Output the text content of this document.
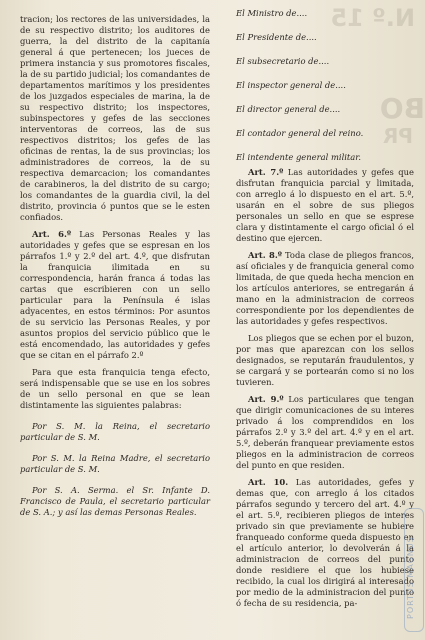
N.º 15
BO
PR

tracion; los rectores de las universidades, la de su respectivo distrito; los auditores de guerra, la del distrito de la capitanía general á que pertenecen; los jueces de primera instancia y sus promotores fiscales, la de su partido judicial; los comandantes de departamentos marítimos y los presidentes de los juzgados especiales de marina, la de su respectivo distrito; los inspectores, subinspectores y gefes de las secciones interventoras de correos, las de sus respectivos distritos; los gefes de las oficinas de rentas, la de sus provincias; los administradores de correos, la de su respectiva demarcacion; los comandantes de carabineros, la del distrito de su cargo; los comandantes de la guardia civil, la del distrito, provincia ó puntos que se le esten confiados.

Art. 6.º Las Personas Reales y las autoridades y gefes que se espresan en los párrafos 1.º y 2.º del art. 4.º, que disfrutan la franquicia ilimitada en su correspondencia, harán franca á todas las cartas que escribieren con un sello particular para la Península é islas adyacentes, en estos términos: Por asuntos de su servicio las Personas Reales, y por asuntos propios del servicio público que le está encomendado, las autoridades y gefes que se citan en el párrafo 2.º

Para que esta franquicia tenga efecto, será indispensable que se use en los sobres de un sello personal en que se lean distintamente las siguientes palabras:

Por S. M. la Reina, el secretario particular de S. M.

Por S. M. la Reina Madre, el secretario particular de S. M.

Por S. A. Serma. el Sr. Infante D. Francisco de Paula, el secretario particular de S. A.; y así las demas Personas Reales.

El Ministro de....

El Presidente de....

El subsecretario de....

El inspector general de....

El director general de....

El contador general del reino.

El intendente general militar.

Art. 7.º Las autoridades y gefes que disfrutan franquicia parcial y limitada, con arreglo á lo dispuesto en el art. 5.º, usarán en el sobre de sus pliegos personales un sello en que se esprese clara y distintamente el cargo oficial ó el destino que ejercen.

Art. 8.º Toda clase de pliegos francos, así oficiales y de franquicia general como limitada, de que queda hecha mencion en los artículos anteriores, se entregarán á mano en la administracion de correos correspondiente por los dependientes de las autoridades y gefes respectivos.

Los pliegos que se echen por el buzon, por mas que aparezcan con los sellos designados, se reputarán fraudulentos, y se cargará y se portearán como si no los tuvieren.

Art. 9.º Los particulares que tengan que dirigir comunicaciones de su interes privado á los comprendidos en los párrafos 2.º y 3.º del art. 4.º y en el art. 5.º, deberán franquear previamente estos pliegos en la administracion de correos del punto en que residen.

Art. 10. Las autoridades, gefes y demas que, con arreglo á los citados párrafos segundo y tercero del art. 4.º y el art. 5.º, recibieren pliegos de interes privado sin que previamente se hubiere franqueado conforme queda dispuesto en el artículo anterior, lo devolverán á la administracion de correos del punto donde residiere el que los hubiese recibido, la cual los dirigirá al interesado por medio de la administracion del punto ó fecha de su residencia, pa-	PORTUS MAGNUS
